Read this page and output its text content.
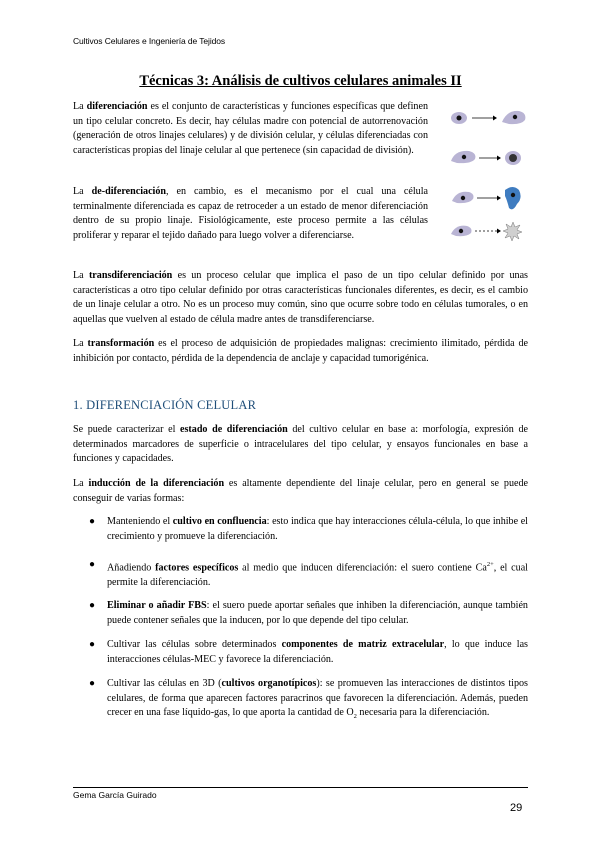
Cultivos Celulares e Ingeniería de Tejidos
Técnicas 3: Análisis de cultivos celulares animales II

La diferenciación es el conjunto de características y funciones específicas que definen un tipo celular concreto. Es decir, hay células madre con potencial de autorrenovación (generación de otros linajes celulares) y de división celular, y células diferenciadas con características propias del linaje celular al que pertenece (sin capacidad de división).

La de-diferenciación, en cambio, es el mecanismo por el cual una célula terminalmente diferenciada es capaz de retroceder a un estado de menor diferenciación dentro de su propio linaje. Fisiológicamente, este proceso permite a las células proliferar y reparar el tejido dañado para luego volver a diferenciarse.

La transdiferenciación es un proceso celular que implica el paso de un tipo celular definido por unas características a otro tipo celular definido por otras características funcionales diferentes, es decir, es el cambio de un linaje celular a otro. No es un proceso muy común, sino que ocurre sobre todo en células tumorales, o en aquellas que vuelven al estado de célula madre antes de transdiferenciarse.

La transformación es el proceso de adquisición de propiedades malignas: crecimiento ilimitado, pérdida de inhibición por contacto, pérdida de la dependencia de anclaje y capacidad tumorigénica.

1. DIFERENCIACIÓN CELULAR

Se puede caracterizar el estado de diferenciación del cultivo celular en base a: morfología, expresión de determinados marcadores de superficie o intracelulares del tipo celular, y ensayos funcionales en base a funciones y capacidades.

La inducción de la diferenciación es altamente dependiente del linaje celular, pero en general se puede conseguir de varias formas:

● Manteniendo el cultivo en confluencia: esto indica que hay interacciones célula-célula, lo que inhibe el crecimiento y promueve la diferenciación.
● Añadiendo factores específicos al medio que inducen diferenciación: el suero contiene $Ca^{2+}$, el cual permite la diferenciación.
● Eliminar o añadir FBS: el suero puede aportar señales que inhiben la diferenciación, aunque también puede contener señales que la inducen, por lo que depende del tipo celular.
● Cultivar las células sobre determinados componentes de matriz extracelular, lo que induce las interacciones células-MEC y favorece la diferenciación.
● Cultivar las células en 3D (cultivos organotípicos): se promueven las interacciones de distintos tipos celulares, de forma que aparecen factores paracrinos que favorecen la diferenciación. Además, pueden crecer en una fase líquido-gas, lo que aporta la cantidad de $O_2$ necesaria para la diferenciación.
Gema García Guirado
29
